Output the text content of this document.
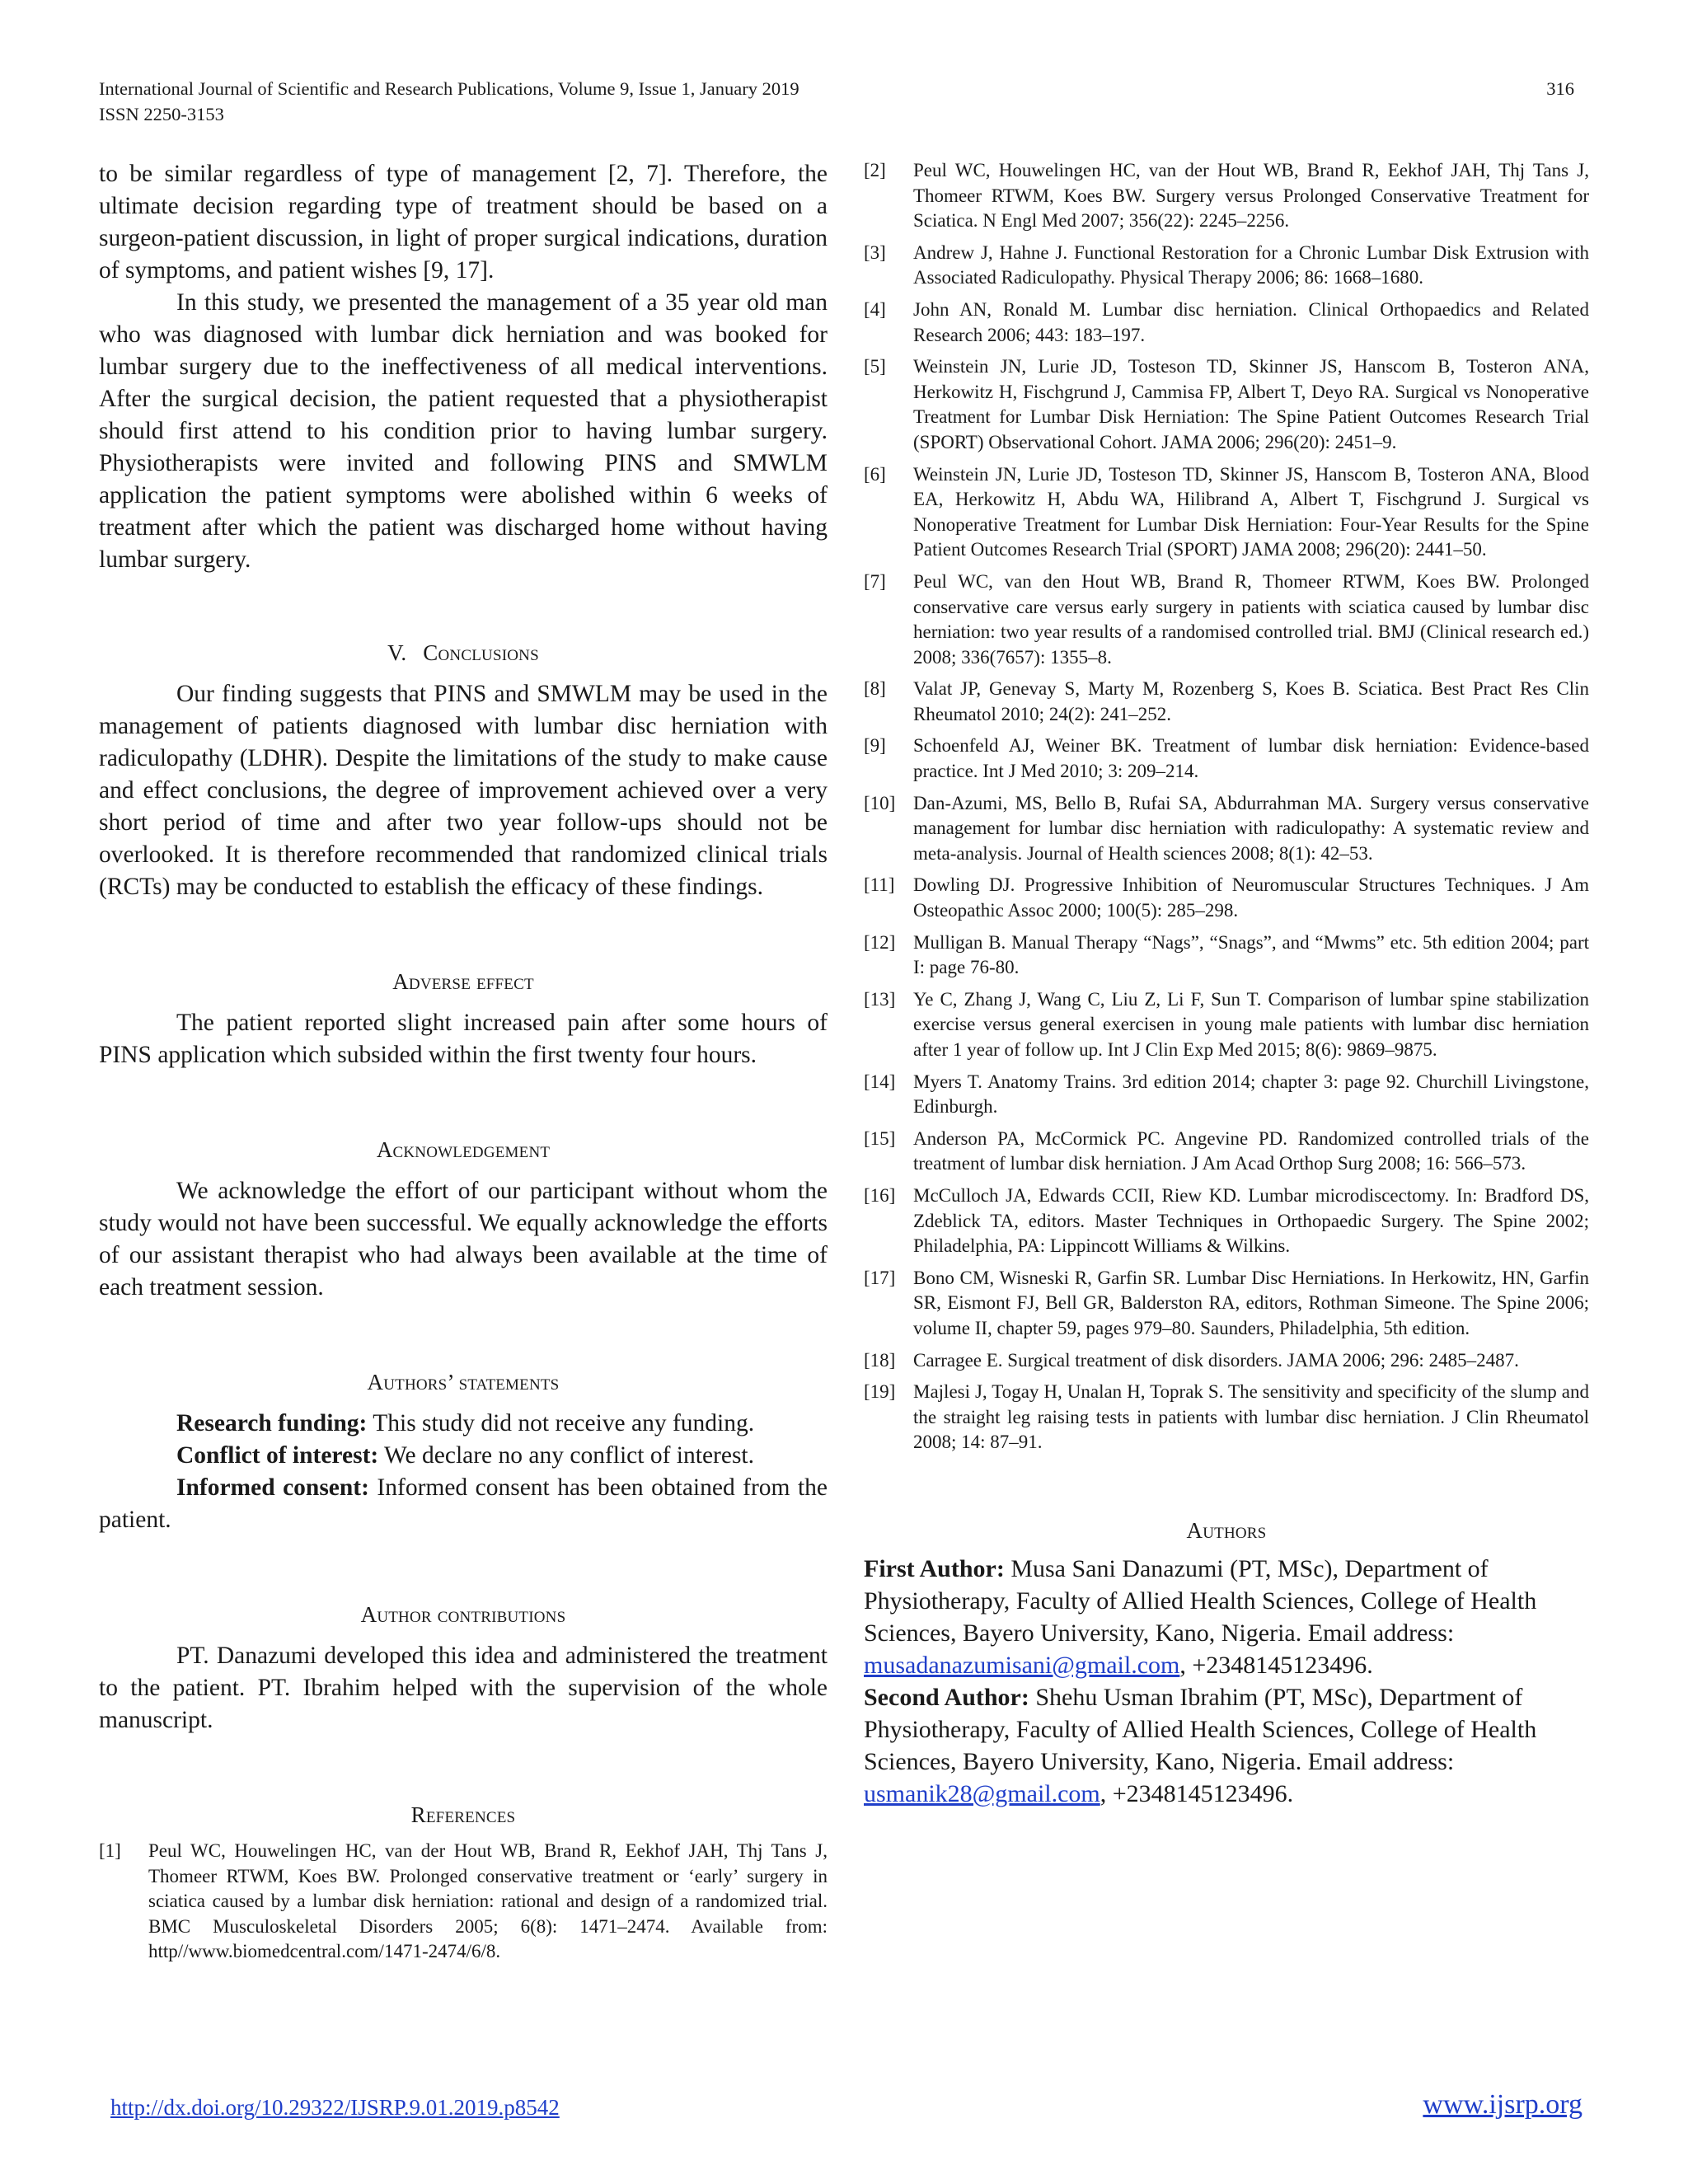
International Journal of Scientific and Research Publications, Volume 9, Issue 1, January 2019
ISSN 2250-3153
316

to be similar regardless of type of management [2, 7]. Therefore, the ultimate decision regarding type of treatment should be based on a surgeon-patient discussion, in light of proper surgical indications, duration of symptoms, and patient wishes [9, 17].

In this study, we presented the management of a 35 year old man who was diagnosed with lumbar dick herniation and was booked for lumbar surgery due to the ineffectiveness of all medical interventions. After the surgical decision, the patient requested that a physiotherapist should first attend to his condition prior to having lumbar surgery. Physiotherapists were invited and following PINS and SMWLM application the patient symptoms were abolished within 6 weeks of treatment after which the patient was discharged home without having lumbar surgery.

V. Conclusions

Our finding suggests that PINS and SMWLM may be used in the management of patients diagnosed with lumbar disc herniation with radiculopathy (LDHR). Despite the limitations of the study to make cause and effect conclusions, the degree of improvement achieved over a very short period of time and after two year follow-ups should not be overlooked. It is therefore recommended that randomized clinical trials (RCTs) may be conducted to establish the efficacy of these findings.

Adverse effect

The patient reported slight increased pain after some hours of PINS application which subsided within the first twenty four hours.

Acknowledgement

We acknowledge the effort of our participant without whom the study would not have been successful. We equally acknowledge the efforts of our assistant therapist who had always been available at the time of each treatment session.

Authors’ statements

Research funding: This study did not receive any funding.

Conflict of interest: We declare no any conflict of interest.

Informed consent: Informed consent has been obtained from the patient.

Author contributions

PT. Danazumi developed this idea and administered the treatment to the patient. PT. Ibrahim helped with the supervision of the whole manuscript.

References
[1]	Peul WC, Houwelingen HC, van der Hout WB, Brand R, Eekhof JAH, Thj Tans J, Thomeer RTWM, Koes BW. Prolonged conservative treatment or ‘early’ surgery in sciatica caused by a lumbar disk herniation: rational and design of a randomized trial. BMC Musculoskeletal Disorders 2005; 6(8): 1471–2474. Available from: http//www.biomedcentral.com/1471-2474/6/8.
[2]	Peul WC, Houwelingen HC, van der Hout WB, Brand R, Eekhof JAH, Thj Tans J, Thomeer RTWM, Koes BW. Surgery versus Prolonged Conservative Treatment for Sciatica. N Engl Med 2007; 356(22): 2245–2256.
[3]	Andrew J, Hahne J. Functional Restoration for a Chronic Lumbar Disk Extrusion with Associated Radiculopathy. Physical Therapy 2006; 86: 1668–1680.
[4]	John AN, Ronald M. Lumbar disc herniation. Clinical Orthopaedics and Related Research 2006; 443: 183–197.
[5]	Weinstein JN, Lurie JD, Tosteson TD, Skinner JS, Hanscom B, Tosteron ANA, Herkowitz H, Fischgrund J, Cammisa FP, Albert T, Deyo RA. Surgical vs Nonoperative Treatment for Lumbar Disk Herniation: The Spine Patient Outcomes Research Trial (SPORT) Observational Cohort. JAMA 2006; 296(20): 2451–9.
[6]	Weinstein JN, Lurie JD, Tosteson TD, Skinner JS, Hanscom B, Tosteron ANA, Blood EA, Herkowitz H, Abdu WA, Hilibrand A, Albert T, Fischgrund J. Surgical vs Nonoperative Treatment for Lumbar Disk Herniation: Four-Year Results for the Spine Patient Outcomes Research Trial (SPORT) JAMA 2008; 296(20): 2441–50.
[7]	Peul WC, van den Hout WB, Brand R, Thomeer RTWM, Koes BW. Prolonged conservative care versus early surgery in patients with sciatica caused by lumbar disc herniation: two year results of a randomised controlled trial. BMJ (Clinical research ed.) 2008; 336(7657): 1355–8.
[8]	Valat JP, Genevay S, Marty M, Rozenberg S, Koes B. Sciatica. Best Pract Res Clin Rheumatol 2010; 24(2): 241–252.
[9]	Schoenfeld AJ, Weiner BK. Treatment of lumbar disk herniation: Evidence-based practice. Int J Med 2010; 3: 209–214.
[10] Dan-Azumi, MS, Bello B, Rufai SA, Abdurrahman MA. Surgery versus conservative management for lumbar disc herniation with radiculopathy: A systematic review and meta-analysis. Journal of Health sciences 2008; 8(1): 42–53.
[11] Dowling DJ. Progressive Inhibition of Neuromuscular Structures Techniques. J Am Osteopathic Assoc 2000; 100(5): 285–298.
[12] Mulligan B. Manual Therapy “Nags”, “Snags”, and “Mwms” etc. 5th edition 2004; part I: page 76-80.
[13] Ye C, Zhang J, Wang C, Liu Z, Li F, Sun T. Comparison of lumbar spine stabilization exercise versus general exercisen in young male patients with lumbar disc herniation after 1 year of follow up. Int J Clin Exp Med 2015; 8(6): 9869–9875.
[14] Myers T. Anatomy Trains. 3rd edition 2014; chapter 3: page 92. Churchill Livingstone, Edinburgh.
[15] Anderson PA, McCormick PC. Angevine PD. Randomized controlled trials of the treatment of lumbar disk herniation. J Am Acad Orthop Surg 2008; 16: 566–573.
[16] McCulloch JA, Edwards CCII, Riew KD. Lumbar microdiscectomy. In: Bradford DS, Zdeblick TA, editors. Master Techniques in Orthopaedic Surgery. The Spine 2002; Philadelphia, PA: Lippincott Williams & Wilkins.
[17] Bono CM, Wisneski R, Garfin SR. Lumbar Disc Herniations. In Herkowitz, HN, Garfin SR, Eismont FJ, Bell GR, Balderston RA, editors, Rothman Simeone. The Spine 2006; volume II, chapter 59, pages 979–80. Saunders, Philadelphia, 5th edition.
[18] Carragee E. Surgical treatment of disk disorders. JAMA 2006; 296: 2485–2487.
[19] Majlesi J, Togay H, Unalan H, Toprak S. The sensitivity and specificity of the slump and the straight leg raising tests in patients with lumbar disc herniation. J Clin Rheumatol 2008; 14: 87–91.
Authors

First Author: Musa Sani Danazumi (PT, MSc), Department of Physiotherapy, Faculty of Allied Health Sciences, College of Health Sciences, Bayero University, Kano, Nigeria. Email address: musadanazumisani@gmail.com, +2348145123496.

Second Author: Shehu Usman Ibrahim (PT, MSc), Department of Physiotherapy, Faculty of Allied Health Sciences, College of Health Sciences, Bayero University, Kano, Nigeria. Email address: usmanik28@gmail.com, +2348145123496.

http://dx.doi.org/10.29322/IJSRP.9.01.2019.p8542	www.ijsrp.org
